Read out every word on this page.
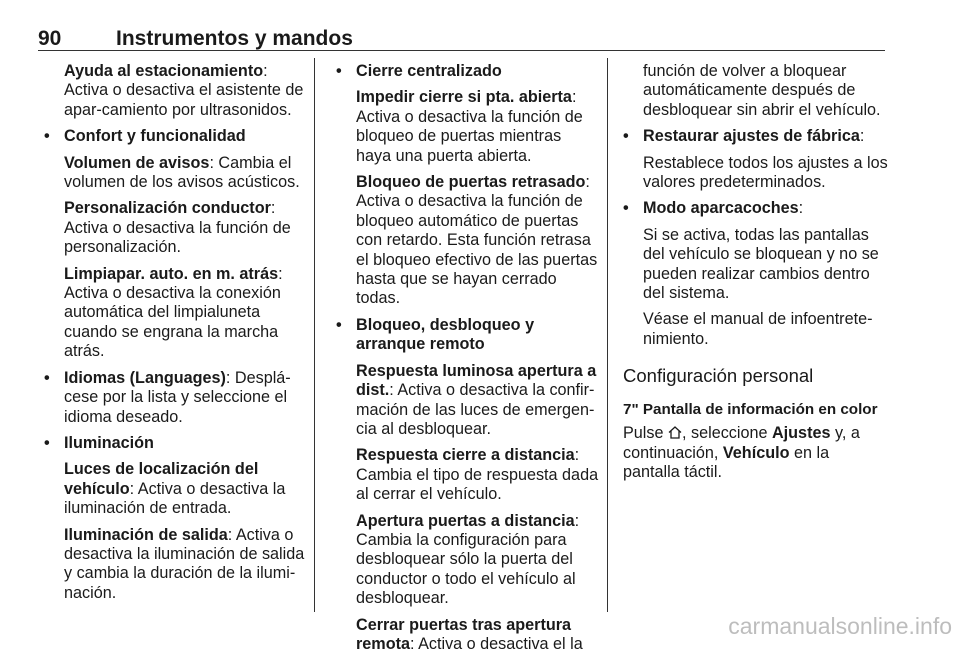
90	Instrumentos y mandos

Ayuda al estacionamiento: Activa o desactiva el asistente de apar-camiento por ultrasonidos.

• Confort y funcionalidad

Volumen de avisos: Cambia el volumen de los avisos acústicos.

Personalización conductor: Activa o desactiva la función de personalización.

Limpiapar. auto. en m. atrás: Activa o desactiva la conexión automática del limpialuneta cuando se engrana la marcha atrás.

• Idiomas (Languages): Desplá-cese por la lista y seleccione el idioma deseado.

• Iluminación

Luces de localización del vehículo: Activa o desactiva la iluminación de entrada.

Iluminación de salida: Activa o desactiva la iluminación de salida y cambia la duración de la ilumi-nación.

• Cierre centralizado

Impedir cierre si pta. abierta: Activa o desactiva la función de bloqueo de puertas mientras haya una puerta abierta.

Bloqueo de puertas retrasado: Activa o desactiva la función de bloqueo automático de puertas con retardo. Esta función retrasa el bloqueo efectivo de las puertas hasta que se hayan cerrado todas.

• Bloqueo, desbloqueo y arranque remoto

Respuesta luminosa apertura a dist.: Activa o desactiva la confir-mación de las luces de emergen-cia al desbloquear.

Respuesta cierre a distancia: Cambia el tipo de respuesta dada al cerrar el vehículo.

Apertura puertas a distancia: Cambia la configuración para desbloquear sólo la puerta del conductor o todo el vehículo al desbloquear.

Cerrar puertas tras apertura remota: Activa o desactiva el la

función de volver a bloquear automáticamente después de desbloquear sin abrir el vehículo.

• Restaurar ajustes de fábrica:

Restablece todos los ajustes a los valores predeterminados.

• Modo aparcacoches:

Si se activa, todas las pantallas del vehículo se bloquean y no se pueden realizar cambios dentro del sistema.

Véase el manual de infoentrete-nimiento.

Configuración personal
7" Pantalla de información en color

Pulse , seleccione Ajustes y, a continuación, Vehículo en la pantalla táctil.

carmanualsonline.info
